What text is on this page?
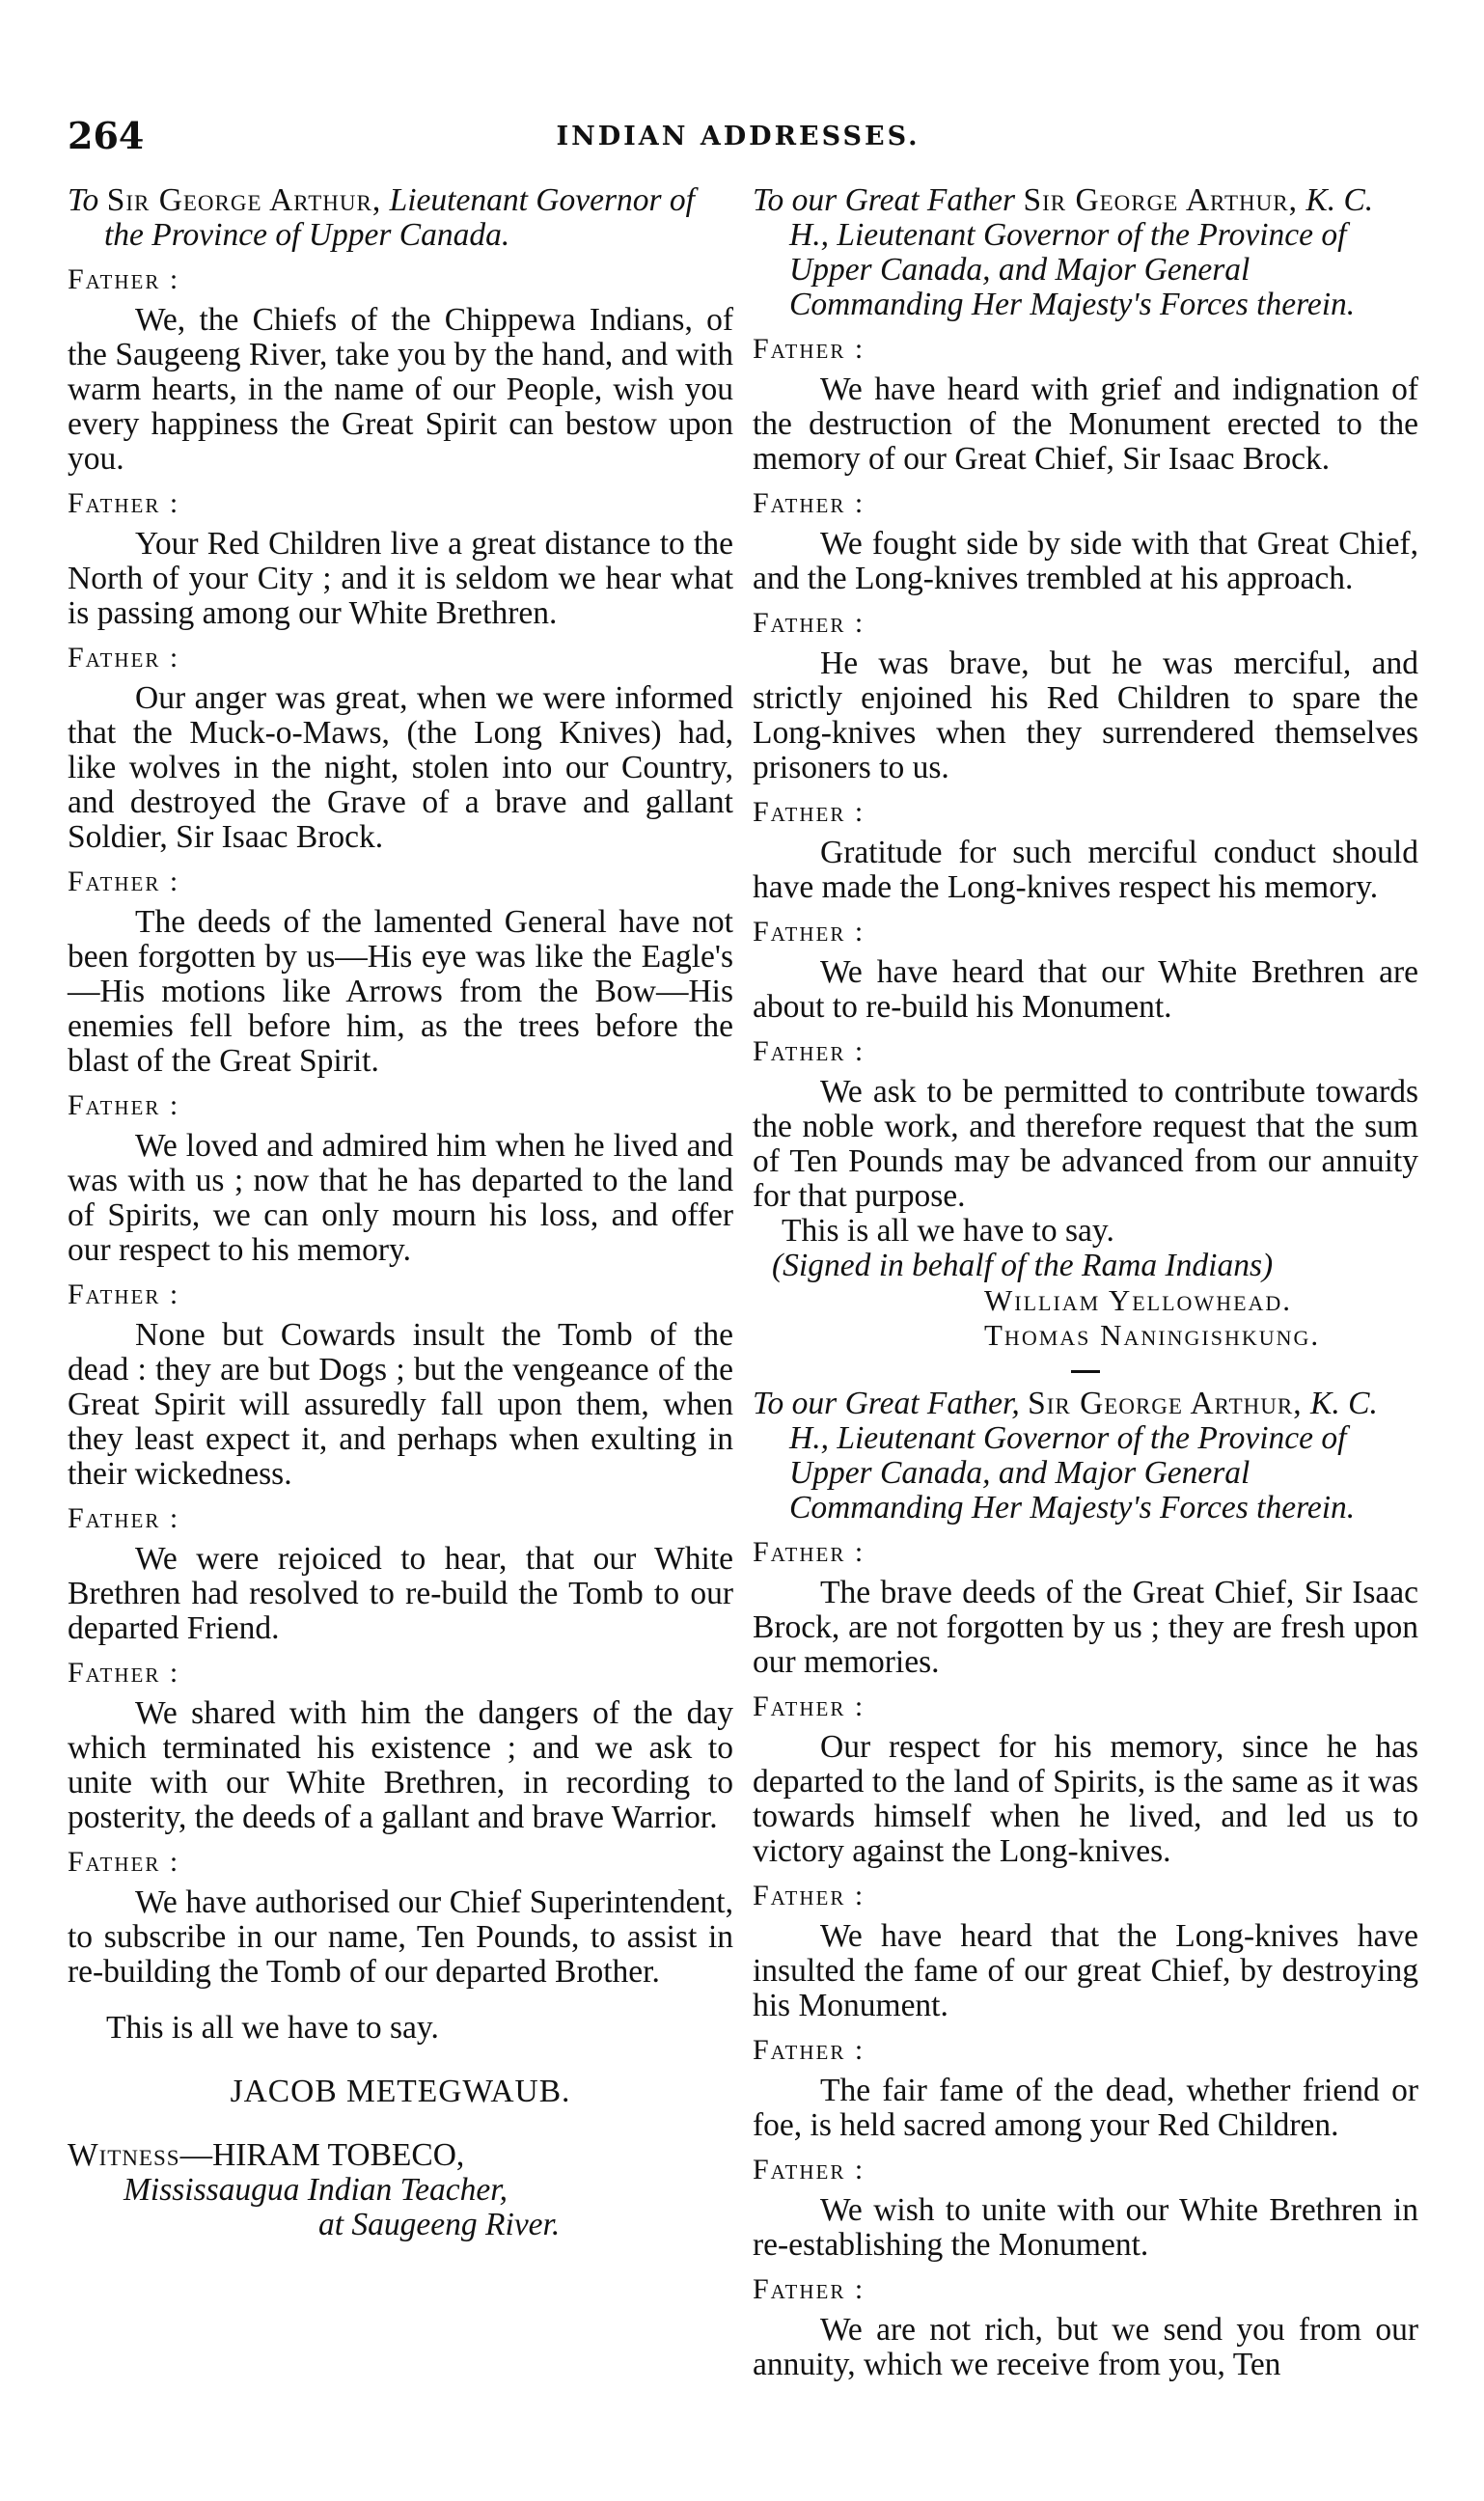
264	INDIAN ADDRESSES.

To Sir George Arthur, Lieutenant Governor of the Province of Upper Canada.

Father :

We, the Chiefs of the Chippewa Indians, of the Saugeeng River, take you by the hand, and with warm hearts, in the name of our People, wish you every happiness the Great Spirit can bestow upon you.

Father :

Your Red Children live a great distance to the North of your City ; and it is seldom we hear what is passing among our White Brethren.

Father :

Our anger was great, when we were informed that the Muck-o-Maws, (the Long Knives) had, like wolves in the night, stolen into our Country, and destroyed the Grave of a brave and gallant Soldier, Sir Isaac Brock.

Father :

The deeds of the lamented General have not been forgotten by us—His eye was like the Eagle's—His motions like Arrows from the Bow—His enemies fell before him, as the trees before the blast of the Great Spirit.

Father :

We loved and admired him when he lived and was with us ; now that he has departed to the land of Spirits, we can only mourn his loss, and offer our respect to his memory.

Father :

None but Cowards insult the Tomb of the dead : they are but Dogs ; but the vengeance of the Great Spirit will assuredly fall upon them, when they least expect it, and perhaps when exulting in their wickedness.

Father :

We were rejoiced to hear, that our White Brethren had resolved to re-build the Tomb to our departed Friend.

Father :

We shared with him the dangers of the day which terminated his existence ; and we ask to unite with our White Brethren, in recording to posterity, the deeds of a gallant and brave Warrior.

Father :

We have authorised our Chief Superintendent, to subscribe in our name, Ten Pounds, to assist in re-building the Tomb of our departed Brother.

This is all we have to say.

JACOB METEGWAUB.

Witness—HIRAM TOBECO,

Mississaugua Indian Teacher,

at Saugeeng River.

To our Great Father Sir George Arthur, K. C. H., Lieutenant Governor of the Province of Upper Canada, and Major General Commanding Her Majesty's Forces therein.

Father :

We have heard with grief and indignation of the destruction of the Monument erected to the memory of our Great Chief, Sir Isaac Brock.

Father :

We fought side by side with that Great Chief, and the Long-knives trembled at his approach.

Father :

He was brave, but he was merciful, and strictly enjoined his Red Children to spare the Long-knives when they surrendered themselves prisoners to us.

Father :

Gratitude for such merciful conduct should have made the Long-knives respect his memory.

Father :

We have heard that our White Brethren are about to re-build his Monument.

Father :

We ask to be permitted to contribute towards the noble work, and therefore request that the sum of Ten Pounds may be advanced from our annuity for that purpose.

This is all we have to say.

(Signed in behalf of the Rama Indians)

William Yellowhead.

Thomas Naningishkung.

To our Great Father, Sir George Arthur, K. C. H., Lieutenant Governor of the Province of Upper Canada, and Major General Commanding Her Majesty's Forces therein.

Father :

The brave deeds of the Great Chief, Sir Isaac Brock, are not forgotten by us ; they are fresh upon our memories.

Father :

Our respect for his memory, since he has departed to the land of Spirits, is the same as it was towards himself when he lived, and led us to victory against the Long-knives.

Father :

We have heard that the Long-knives have insulted the fame of our great Chief, by destroying his Monument.

Father :

The fair fame of the dead, whether friend or foe, is held sacred among your Red Children.

Father :

We wish to unite with our White Brethren in re-establishing the Monument.

Father :

We are not rich, but we send you from our annuity, which we receive from you, Ten
